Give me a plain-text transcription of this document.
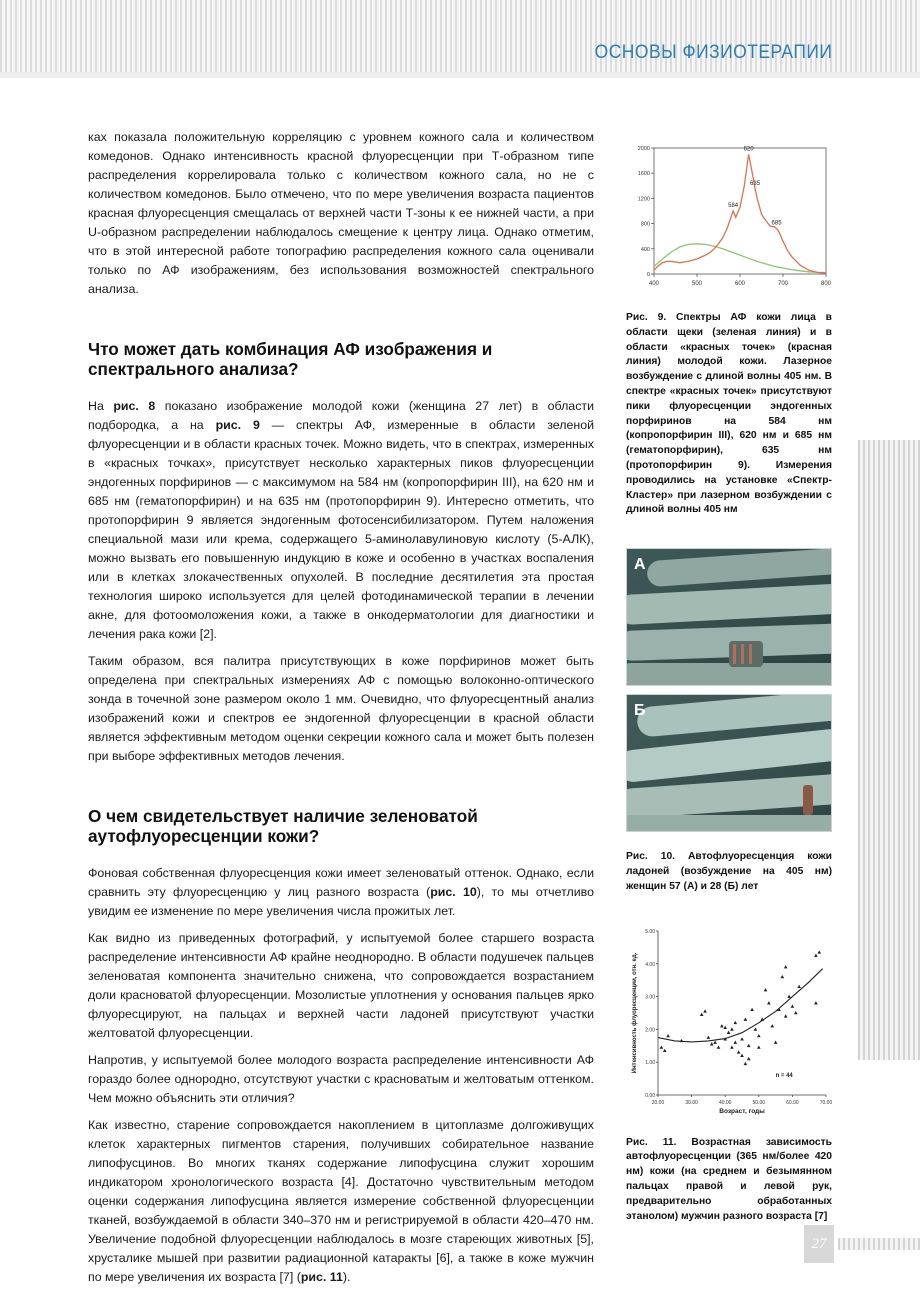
ОСНОВЫ ФИЗИОТЕРАПИИ

ках показала положительную корреляцию с уровнем кожного сала и количеством комедонов. Однако интенсивность красной флуоресценции при Т-образном типе распределения коррелировала только с количеством кожного сала, но не с количеством комедонов. Было отмечено, что по мере увеличения возраста пациентов красная флуоресценция смещалась от верхней части Т-зоны к ее нижней части, а при U-образном распределении наблюдалось смещение к центру лица. Однако отметим, что в этой интересной работе топографию распределения кожного сала оценивали только по АФ изображениям, без использования возможностей спектрального анализа.

Что может дать комбинация АФ изображения и спектрального анализа?

На рис. 8 показано изображение молодой кожи (женщина 27 лет) в области подбородка, а на рис. 9 — спектры АФ, измеренные в области зеленой флуоресценции и в области красных точек. Можно видеть, что в спектрах, измеренных в «красных точках», присутствует несколько характерных пиков флуоресценции эндогенных порфиринов — с максимумом на 584 нм (копропорфирин III), на 620 нм и 685 нм (гематопорфирин) и на 635 нм (протопорфирин 9). Интересно отметить, что протопорфирин 9 является эндогенным фотосенсибилизатором. Путем наложения специальной мази или крема, содержащего 5-аминолавулиновую кислоту (5-АЛК), можно вызвать его повышенную индукцию в коже и особенно в участках воспаления или в клетках злокачественных опухолей. В последние десятилетия эта простая технология широко используется для целей фотодинамической терапии в лечении акне, для фотоомоложения кожи, а также в онкодерматологии для диагностики и лечения рака кожи [2].

Таким образом, вся палитра присутствующих в коже порфиринов может быть определена при спектральных измерениях АФ с помощью волоконно-оптического зонда в точечной зоне размером около 1 мм. Очевидно, что флуоресцентный анализ изображений кожи и спектров ее эндогенной флуоресценции в красной области является эффективным методом оценки секреции кожного сала и может быть полезен при выборе эффективных методов лечения.

О чем свидетельствует наличие зеленоватой аутофлуоресценции кожи?

Фоновая собственная флуоресценция кожи имеет зеленоватый оттенок. Однако, если сравнить эту флуоресценцию у лиц разного возраста (рис. 10), то мы отчетливо увидим ее изменение по мере увеличения числа прожитых лет.

Как видно из приведенных фотографий, у испытуемой более старшего возраста распределение интенсивности АФ крайне неоднородно. В области подушечек пальцев зеленоватая компонента значительно снижена, что сопровождается возрастанием доли красноватой флуоресценции. Мозолистые уплотнения у основания пальцев ярко флуоресцируют, на пальцах и верхней части ладоней присутствуют участки желтоватой флуоресценции.

Напротив, у испытуемой более молодого возраста распределение интенсивности АФ гораздо более однородно, отсутствуют участки с красноватым и желтоватым оттенком. Чем можно объяснить эти отличия?

Как известно, старение сопровождается накоплением в цитоплазме долгоживущих клеток характерных пигментов старения, получивших собирательное название липофусцинов. Во многих тканях содержание липофусцина служит хорошим индикатором хронологического возраста [4]. Достаточно чувствительным методом оценки содержания липофусцина является измерение собственной флуоресценции тканей, возбуждаемой в области 340–370 нм и регистрируемой в области 420–470 нм. Увеличение подобной флуоресценции наблюдалось в мозге стареющих животных [5], хрусталике мышей при развитии радиационной катаракты [6], а также в коже мужчин по мере увеличения их возраста [7] (рис. 11).

400	500	600	700	800
0
400
800
1200
1600
2000
584
620
635
685

Рис. 9. Спектры АФ кожи лица в области щеки (зеленая линия) и в области «красных точек» (красная линия) молодой кожи. Лазерное возбуждение с длиной волны 405 нм. В спектре «красных точек» присутствуют пики флуоресценции эндогенных порфиринов на 584 нм (копропорфирин III), 620 нм и 685 нм (гематопорфирин), 635 нм (протопорфирин 9). Измерения проводились на установке «Спектр-Кластер» при лазерном возбуждении с длиной волны 405 нм

А
Б

Рис. 10. Автофлуоресценция кожи ладоней (возбуждение на 405 нм) женщин 57 (А) и 28 (Б) лет

0.00
1.00
2.00
3.00
4.00
5.00
20.00	30.00	40.00	50.00	60.00	70.00
Возраст, годы
Интенсивность флуоресценции, отн. ед.
n = 44

Рис. 11. Возрастная зависимость автофлуоресценции (365 нм/более 420 нм) кожи (на среднем и безымянном пальцах правой и левой рук, предварительно обработанных этанолом) мужчин разного возраста [7]

27
